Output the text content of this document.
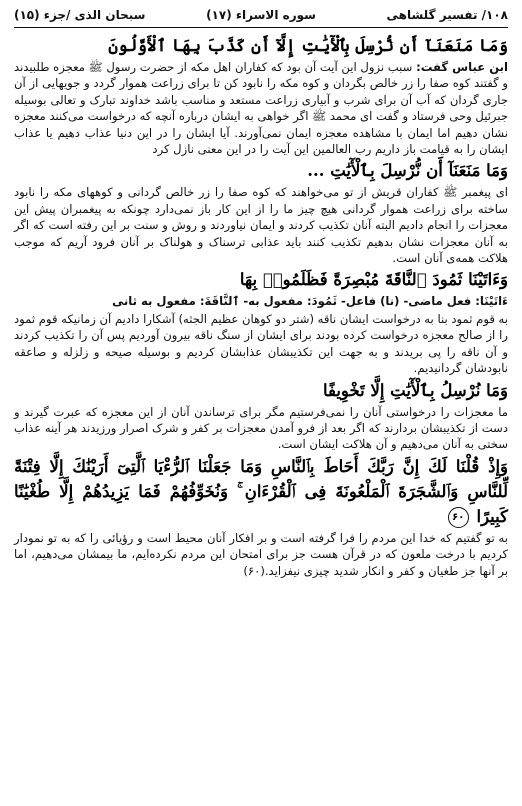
۱۰۸/ تفسیر گلشاهی
سوره الاسراء (۱۷)
سبحان الذی /جزء (۱۵)

وَمَا مَنَعَنَآ أَن نُّرْسِلَ بِٱلْأٓيَٰتِ إِلَّآ أَن كَذَّبَ بِهَا ٱلْأَوَّلُونَ

ابن عباس گفت: سبب نزول این آیت آن بود که کفاران اهل مکه از حضرت رسول ﷺ معجزه طلبیدند و گفتند کوه صفا را زر خالص بگردان و کوه مکه را نابود کن تا برای زراعت هموار گردد و جویهایی از آن جاری گردان که آب آن برای شرب و آبیاری زراعت مستعد و مناسب باشد خداوند تبارک و تعالی بوسیله جبرئیل وحی فرستاد و گفت ای محمد ﷺ اگر خواهی به ایشان درباره آنچه که درخواست می‌کنند معجزه نشان دهیم اما ایمان با مشاهده معجزه ایمان نمی‌آورند. آیا ایشان را در این دنیا عذاب دهیم یا عذاب ایشان را به قیامت باز داریم رب العالمین این آیت را در این معنی نازل کرد

وَمَا مَنَعَنَآ أَن نُّرْسِلَ بِٱلْأٓيَٰتِ ...

ای پیغمبر ﷺ کفاران قریش از تو می‌خواهند که کوه صفا را زر خالص گردانی و کوههای مکه را نابود ساخته برای زراعت هموار گردانی هیچ چیز ما را از این کار باز نمی‌دارد چونکه به پیغمبران پیش این معجزات را انجام دادیم البته آنان تکذیب کردند و ایمان نیاوردند و روش و سنت بر این رفته است که اگر به آنان معجزات نشان بدهیم تکذیب کنند باید عذابی ترسناک و هولناک بر آنان فرود آریم که موجب هلاکت همه‌ی آنان است.

وَءَاتَيْنَا ثَمُودَ ٱلنَّاقَةَ مُبْصِرَةً فَظَلَمُوا۟ بِهَا

ءَاتَيْنَا: فعل ماضی- (نا) فاعل- ثَمُودَ: مفعول به- ٱلنَّاقَةَ: مفعول به ثانی

به قوم ثمود بنا به درخواست ایشان ناقه (شتر دو کوهان عظیم الجثه) آشکارا دادیم آن زمانیکه قوم ثمود را از صالح معجزه درخواست کرده بودند برای ایشان از سنگ ناقه بیرون آوردیم پس آن را تکذیب کردند و آن ناقه را پی بریدند و به جهت این تکذیبشان عذابشان کردیم و بوسیله صیحه و زلزله و صاعقه نابودشان گردانیدیم.

وَمَا نُرْسِلُ بِٱلْأٓيَٰتِ إِلَّا تَخْوِيفًا

ما معجزات را درخواستی آنان را نمی‌فرستیم مگر برای ترساندن آنان از این معجزه که عبرت گیرند و دست از تکذیبشان بردارند که اگر بعد از فرو آمدن معجزات بر کفر و شرک اصرار ورزیدند هر آینه عذاب سختی به آنان می‌دهیم و آن هلاکت ایشان است.

وَإِذْ قُلْنَا لَكَ إِنَّ رَبَّكَ أَحَاطَ بِٱلنَّاسِ وَمَا جَعَلْنَا ٱلرُّءْيَا ٱلَّتِىٓ أَرَيْنَٰكَ إِلَّا فِتْنَةً لِّلنَّاسِ وَٱلشَّجَرَةَ ٱلْمَلْعُونَةَ فِى ٱلْقُرْءَانِ ۚ وَنُخَوِّفُهُمْ فَمَا يَزِيدُهُمْ إِلَّا طُغْيَٰنًا كَبِيرًا ۶۰

به تو گفتیم که خدا این مردم را فرا گرفته است و بر افکار آنان محیط است و رؤیائی را که به تو نمودار کردیم با درخت ملعون که در قرآن هست جز برای امتحان این مردم نکرده‌ایم، ما بیمشان می‌دهیم، اما بر آنها جز طغیان و کفر و انکار شدید چیزی نیفزاید.(۶۰)
